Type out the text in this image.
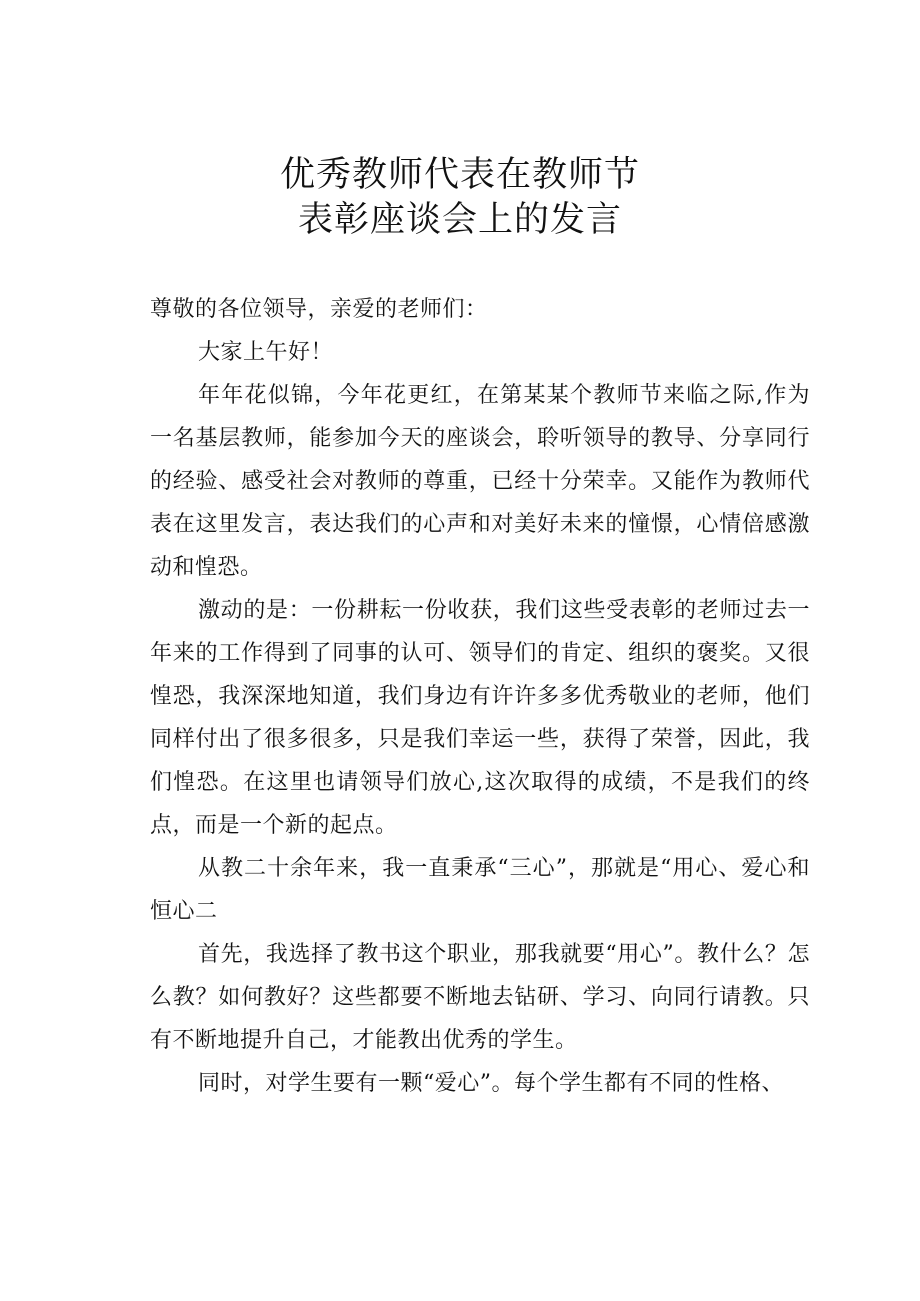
优秀教师代表在教师节
表彰座谈会上的发言

尊敬的各位领导，亲爱的老师们：

大家上午好！

年年花似锦，今年花更红，在第某某个教师节来临之际,作为一名基层教师，能参加今天的座谈会，聆听领导的教导、分享同行的经验、感受社会对教师的尊重，已经十分荣幸。又能作为教师代表在这里发言，表达我们的心声和对美好未来的憧憬，心情倍感激动和惶恐。

激动的是：一份耕耘一份收获，我们这些受表彰的老师过去一年来的工作得到了同事的认可、领导们的肯定、组织的褒奖。又很惶恐，我深深地知道，我们身边有许许多多优秀敬业的老师，他们同样付出了很多很多，只是我们幸运一些，获得了荣誉，因此，我们惶恐。在这里也请领导们放心,这次取得的成绩，不是我们的终点，而是一个新的起点。

从教二十余年来，我一直秉承“三心”，那就是“用心、爱心和恒心二

首先，我选择了教书这个职业，那我就要“用心”。教什么？怎么教？如何教好？这些都要不断地去钻研、学习、向同行请教。只有不断地提升自己，才能教出优秀的学生。

同时，对学生要有一颗“爱心”。每个学生都有不同的性格、
